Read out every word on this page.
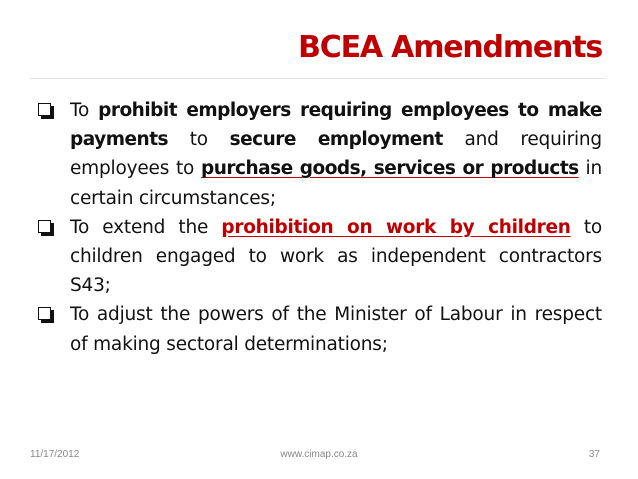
BCEA Amendments

To prohibit employers requiring employees to make payments to secure employment and requiring employees to purchase goods, services or products in certain circumstances;

To extend the prohibition on work by children to children engaged to work as independent contractors S43;

To adjust the powers of the Minister of Labour in respect of making sectoral determinations;

11/17/2012	www.cimap.co.za	37
